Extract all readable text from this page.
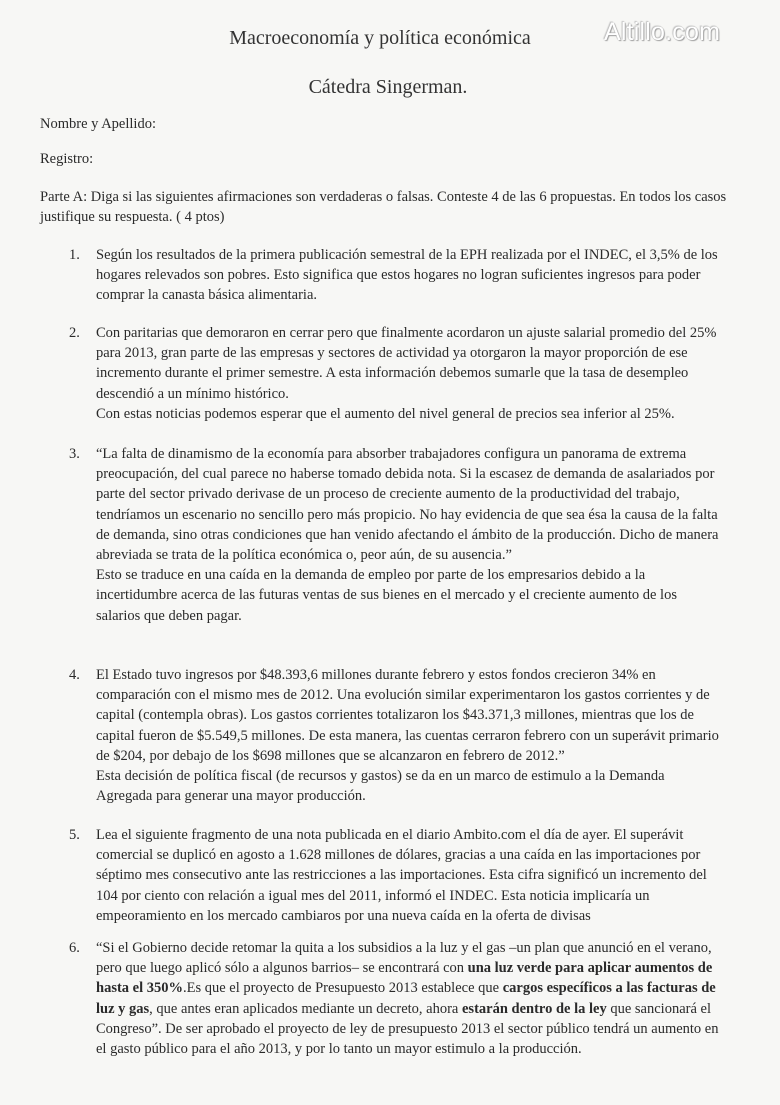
Altillo.com
Macroeconomía y política económica
Cátedra Singerman.
Nombre y Apellido:
Registro:
Parte A: Diga si las siguientes afirmaciones son verdaderas o falsas. Conteste 4 de las 6 propuestas. En todos los casos justifique su respuesta. ( 4 ptos)
1.	Según los resultados de la primera publicación semestral de la EPH realizada por el INDEC, el 3,5% de los hogares relevados son pobres. Esto significa que estos hogares no logran suficientes ingresos para poder comprar la canasta básica alimentaria.

2.	Con paritarias que demoraron en cerrar pero que finalmente acordaron un ajuste salarial promedio del 25% para 2013, gran parte de las empresas y sectores de actividad ya otorgaron la mayor proporción de ese incremento durante el primer semestre. A esta información debemos sumarle que la tasa de desempleo descendió a un mínimo histórico.

Con estas noticias podemos esperar que el aumento del nivel general de precios sea inferior al 25%.

3.	“La falta de dinamismo de la economía para absorber trabajadores configura un panorama de extrema preocupación, del cual parece no haberse tomado debida nota. Si la escasez de demanda de asalariados por parte del sector privado derivase de un proceso de creciente aumento de la productividad del trabajo, tendríamos un escenario no sencillo pero más propicio. No hay evidencia de que sea ésa la causa de la falta de demanda, sino otras condiciones que han venido afectando el ámbito de la producción. Dicho de manera abreviada se trata de la política económica o, peor aún, de su ausencia.”

Esto se traduce en una caída en la demanda de empleo por parte de los empresarios debido a la incertidumbre acerca de las futuras ventas de sus bienes en el mercado y el creciente aumento de los salarios que deben pagar.

4.	El Estado tuvo ingresos por $48.393,6 millones durante febrero y estos fondos crecieron 34% en comparación con el mismo mes de 2012. Una evolución similar experimentaron los gastos corrientes y de capital (contempla obras). Los gastos corrientes totalizaron los $43.371,3 millones, mientras que los de capital fueron de $5.549,5 millones. De esta manera, las cuentas cerraron febrero con un superávit primario de $204, por debajo de los $698 millones que se alcanzaron en febrero de 2012.”

Esta decisión de política fiscal (de recursos y gastos) se da en un marco de estimulo a la Demanda Agregada para generar una mayor producción.

5.	Lea el siguiente fragmento de una nota publicada en el diario Ambito.com el día de ayer. El superávit comercial se duplicó en agosto a 1.628 millones de dólares, gracias a una caída en las importaciones por séptimo mes consecutivo ante las restricciones a las importaciones. Esta cifra significó un incremento del 104 por ciento con relación a igual mes del 2011, informó el INDEC. Esta noticia implicaría un empeoramiento en los mercado cambiaros por una nueva caída en la oferta de divisas

6.	“Si el Gobierno decide retomar la quita a los subsidios a la luz y el gas –un plan que anunció en el verano, pero que luego aplicó sólo a algunos barrios– se encontrará con una luz verde para aplicar aumentos de hasta el 350%.Es que el proyecto de Presupuesto 2013 establece que cargos específicos a las facturas de luz y gas, que antes eran aplicados mediante un decreto, ahora estarán dentro de la ley que sancionará el Congreso”. De ser aprobado el proyecto de ley de presupuesto 2013 el sector público tendrá un aumento en el gasto público para el año 2013, y por lo tanto un mayor estimulo a la producción.
